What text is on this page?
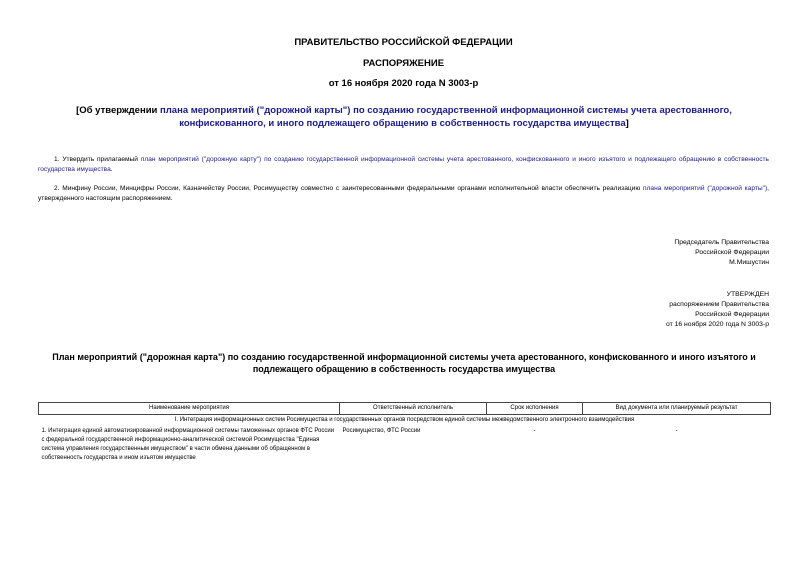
ПРАВИТЕЛЬСТВО РОССИЙСКОЙ ФЕДЕРАЦИИ
РАСПОРЯЖЕНИЕ
от 16 ноября 2020 года N 3003-р
[Об утверждении плана мероприятий ("дорожной карты") по созданию государственной информационной системы учета арестованного, конфискованного, и иного подлежащего обращению в собственность государства имущества]
1. Утвердить прилагаемый план мероприятий ("дорожную карту") по созданию государственной информационной системы учета арестованного, конфискованного и иного изъятого и подлежащего обращению в собственность государства имущества.
2. Минфину России, Минцифры России, Казначейству России, Росимуществу совместно с заинтересованными федеральными органами исполнительной власти обеспечить реализацию плана мероприятий ("дорожной карты"), утвержденного настоящим распоряжением.
Председатель Правительства
Российской Федерации
М.Мишустин
УТВЕРЖДЕН
распоряжением Правительства
Российской Федерации
от 16 ноября 2020 года N 3003-р
План мероприятий ("дорожная карта") по созданию государственной информационной системы учета арестованного, конфискованного и иного изъятого и подлежащего обращению в собственность государства имущества
Наименование мероприятия	Ответственный исполнитель	Срок исполнения	Вид документа или планируемый результат
I. Интеграция информационных систем Росимущества и государственных органов посредством единой системы межведомственного электронного взаимодействия			
1. Интеграция единой автоматизированной информационной системы таможенных органов ФТС России с федеральной государственной информационно-аналитической системой Росимущества "Единая система управления государственным имуществом" в части обмена данными об обращенном в собственность государства и ином изъятом имуществе	Росимущество, ФТС России	-	-
